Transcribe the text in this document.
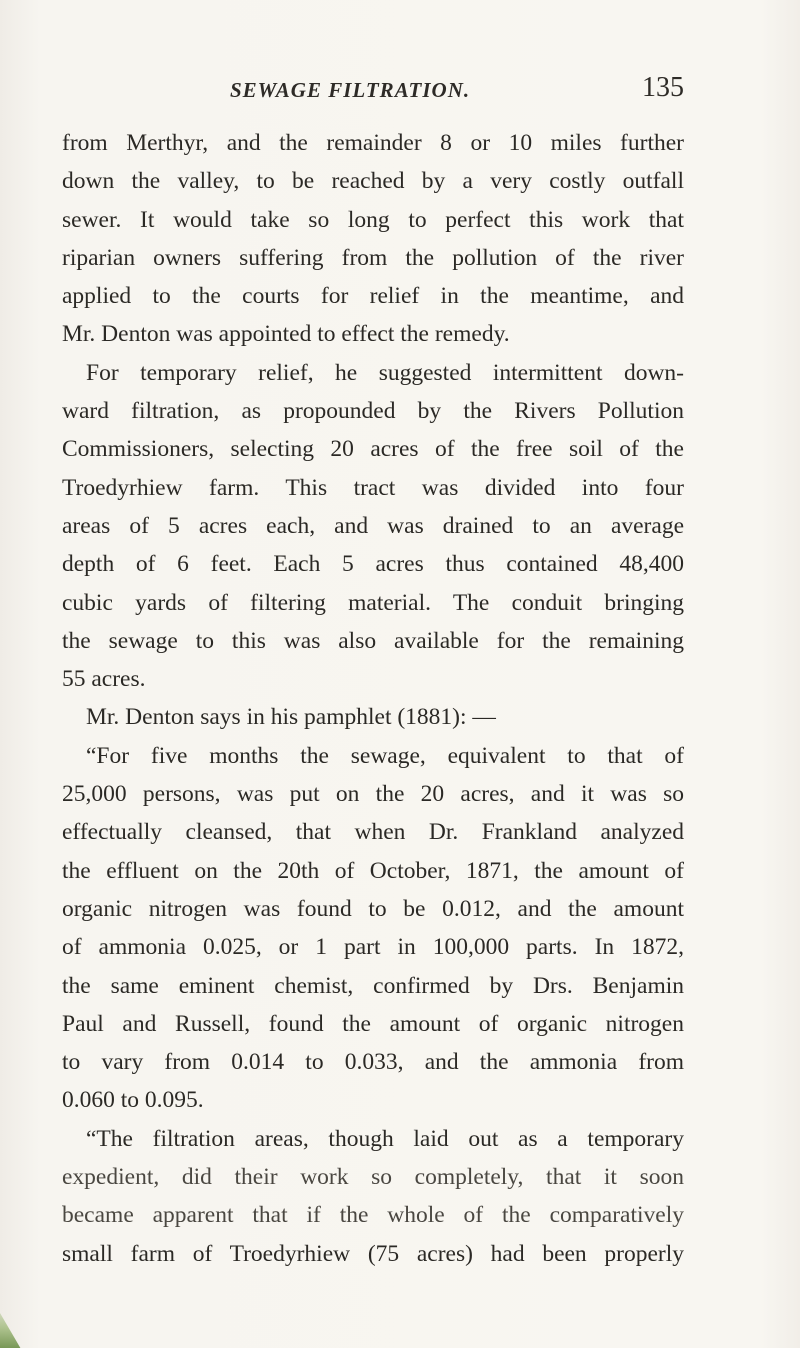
SEWAGE FILTRATION.	135
from Merthyr, and the remainder 8 or 10 miles further
down the valley, to be reached by a very costly outfall
sewer. It would take so long to perfect this work that
riparian owners suffering from the pollution of the river
applied to the courts for relief in the meantime, and
Mr. Denton was appointed to effect the remedy.
For temporary relief, he suggested intermittent down-
ward filtration, as propounded by the Rivers Pollution
Commissioners, selecting 20 acres of the free soil of the
Troedyrhiew farm. This tract was divided into four
areas of 5 acres each, and was drained to an average
depth of 6 feet. Each 5 acres thus contained 48,400
cubic yards of filtering material. The conduit bringing
the sewage to this was also available for the remaining
55 acres.
Mr. Denton says in his pamphlet (1881): —
“For five months the sewage, equivalent to that of
25,000 persons, was put on the 20 acres, and it was so
effectually cleansed, that when Dr. Frankland analyzed
the effluent on the 20th of October, 1871, the amount of
organic nitrogen was found to be 0.012, and the amount
of ammonia 0.025, or 1 part in 100,000 parts. In 1872,
the same eminent chemist, confirmed by Drs. Benjamin
Paul and Russell, found the amount of organic nitrogen
to vary from 0.014 to 0.033, and the ammonia from
0.060 to 0.095.
“The filtration areas, though laid out as a temporary
expedient, did their work so completely, that it soon
became apparent that if the whole of the comparatively
small farm of Troedyrhiew (75 acres) had been properly
